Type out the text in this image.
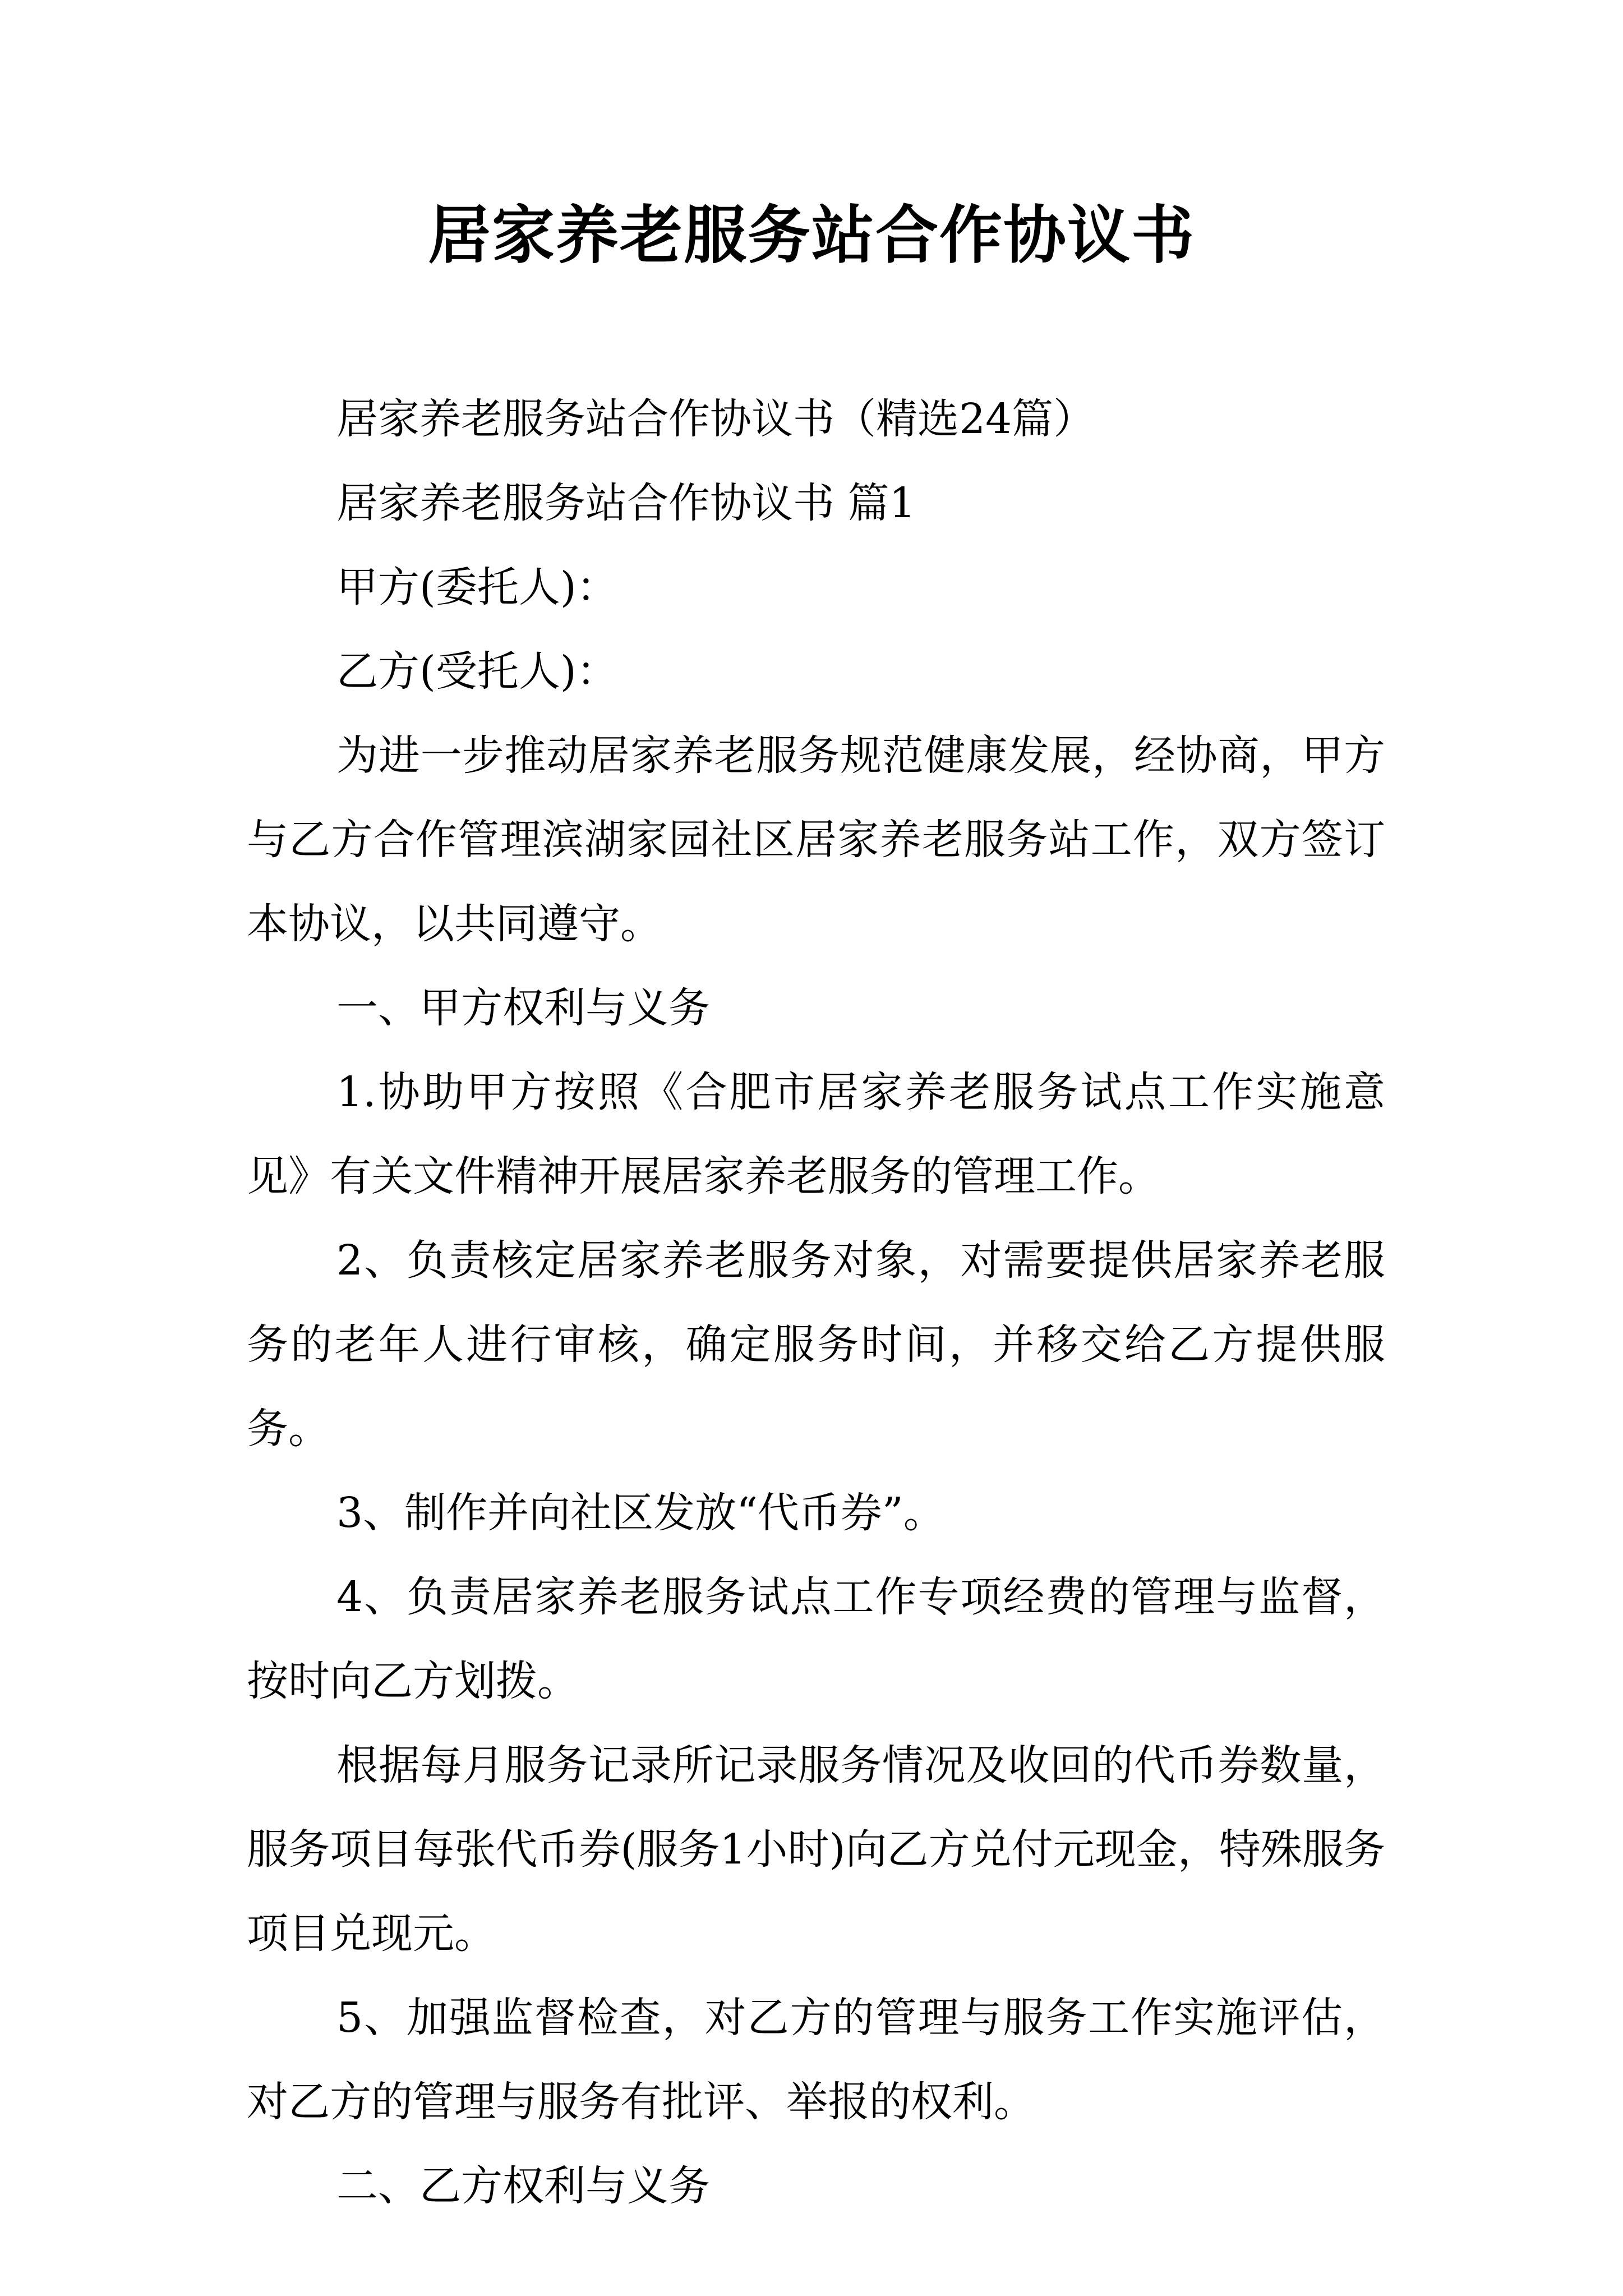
居家养老服务站合作协议书

居家养老服务站合作协议书（精选24篇）

居家养老服务站合作协议书 篇1

甲方(委托人)：

乙方(受托人)：

为进一步推动居家养老服务规范健康发展，经协商，甲方与乙方合作管理滨湖家园社区居家养老服务站工作，双方签订本协议，以共同遵守。

一、甲方权利与义务

1.协助甲方按照《合肥市居家养老服务试点工作实施意见》有关文件精神开展居家养老服务的管理工作。

2、负责核定居家养老服务对象，对需要提供居家养老服务的老年人进行审核，确定服务时间，并移交给乙方提供服务。

3、制作并向社区发放“代币券”。

4、负责居家养老服务试点工作专项经费的管理与监督，按时向乙方划拨。

根据每月服务记录所记录服务情况及收回的代币券数量，服务项目每张代币券(服务1小时)向乙方兑付元现金，特殊服务项目兑现元。

5、加强监督检查，对乙方的管理与服务工作实施评估，对乙方的管理与服务有批评、举报的权利。

二、乙方权利与义务
